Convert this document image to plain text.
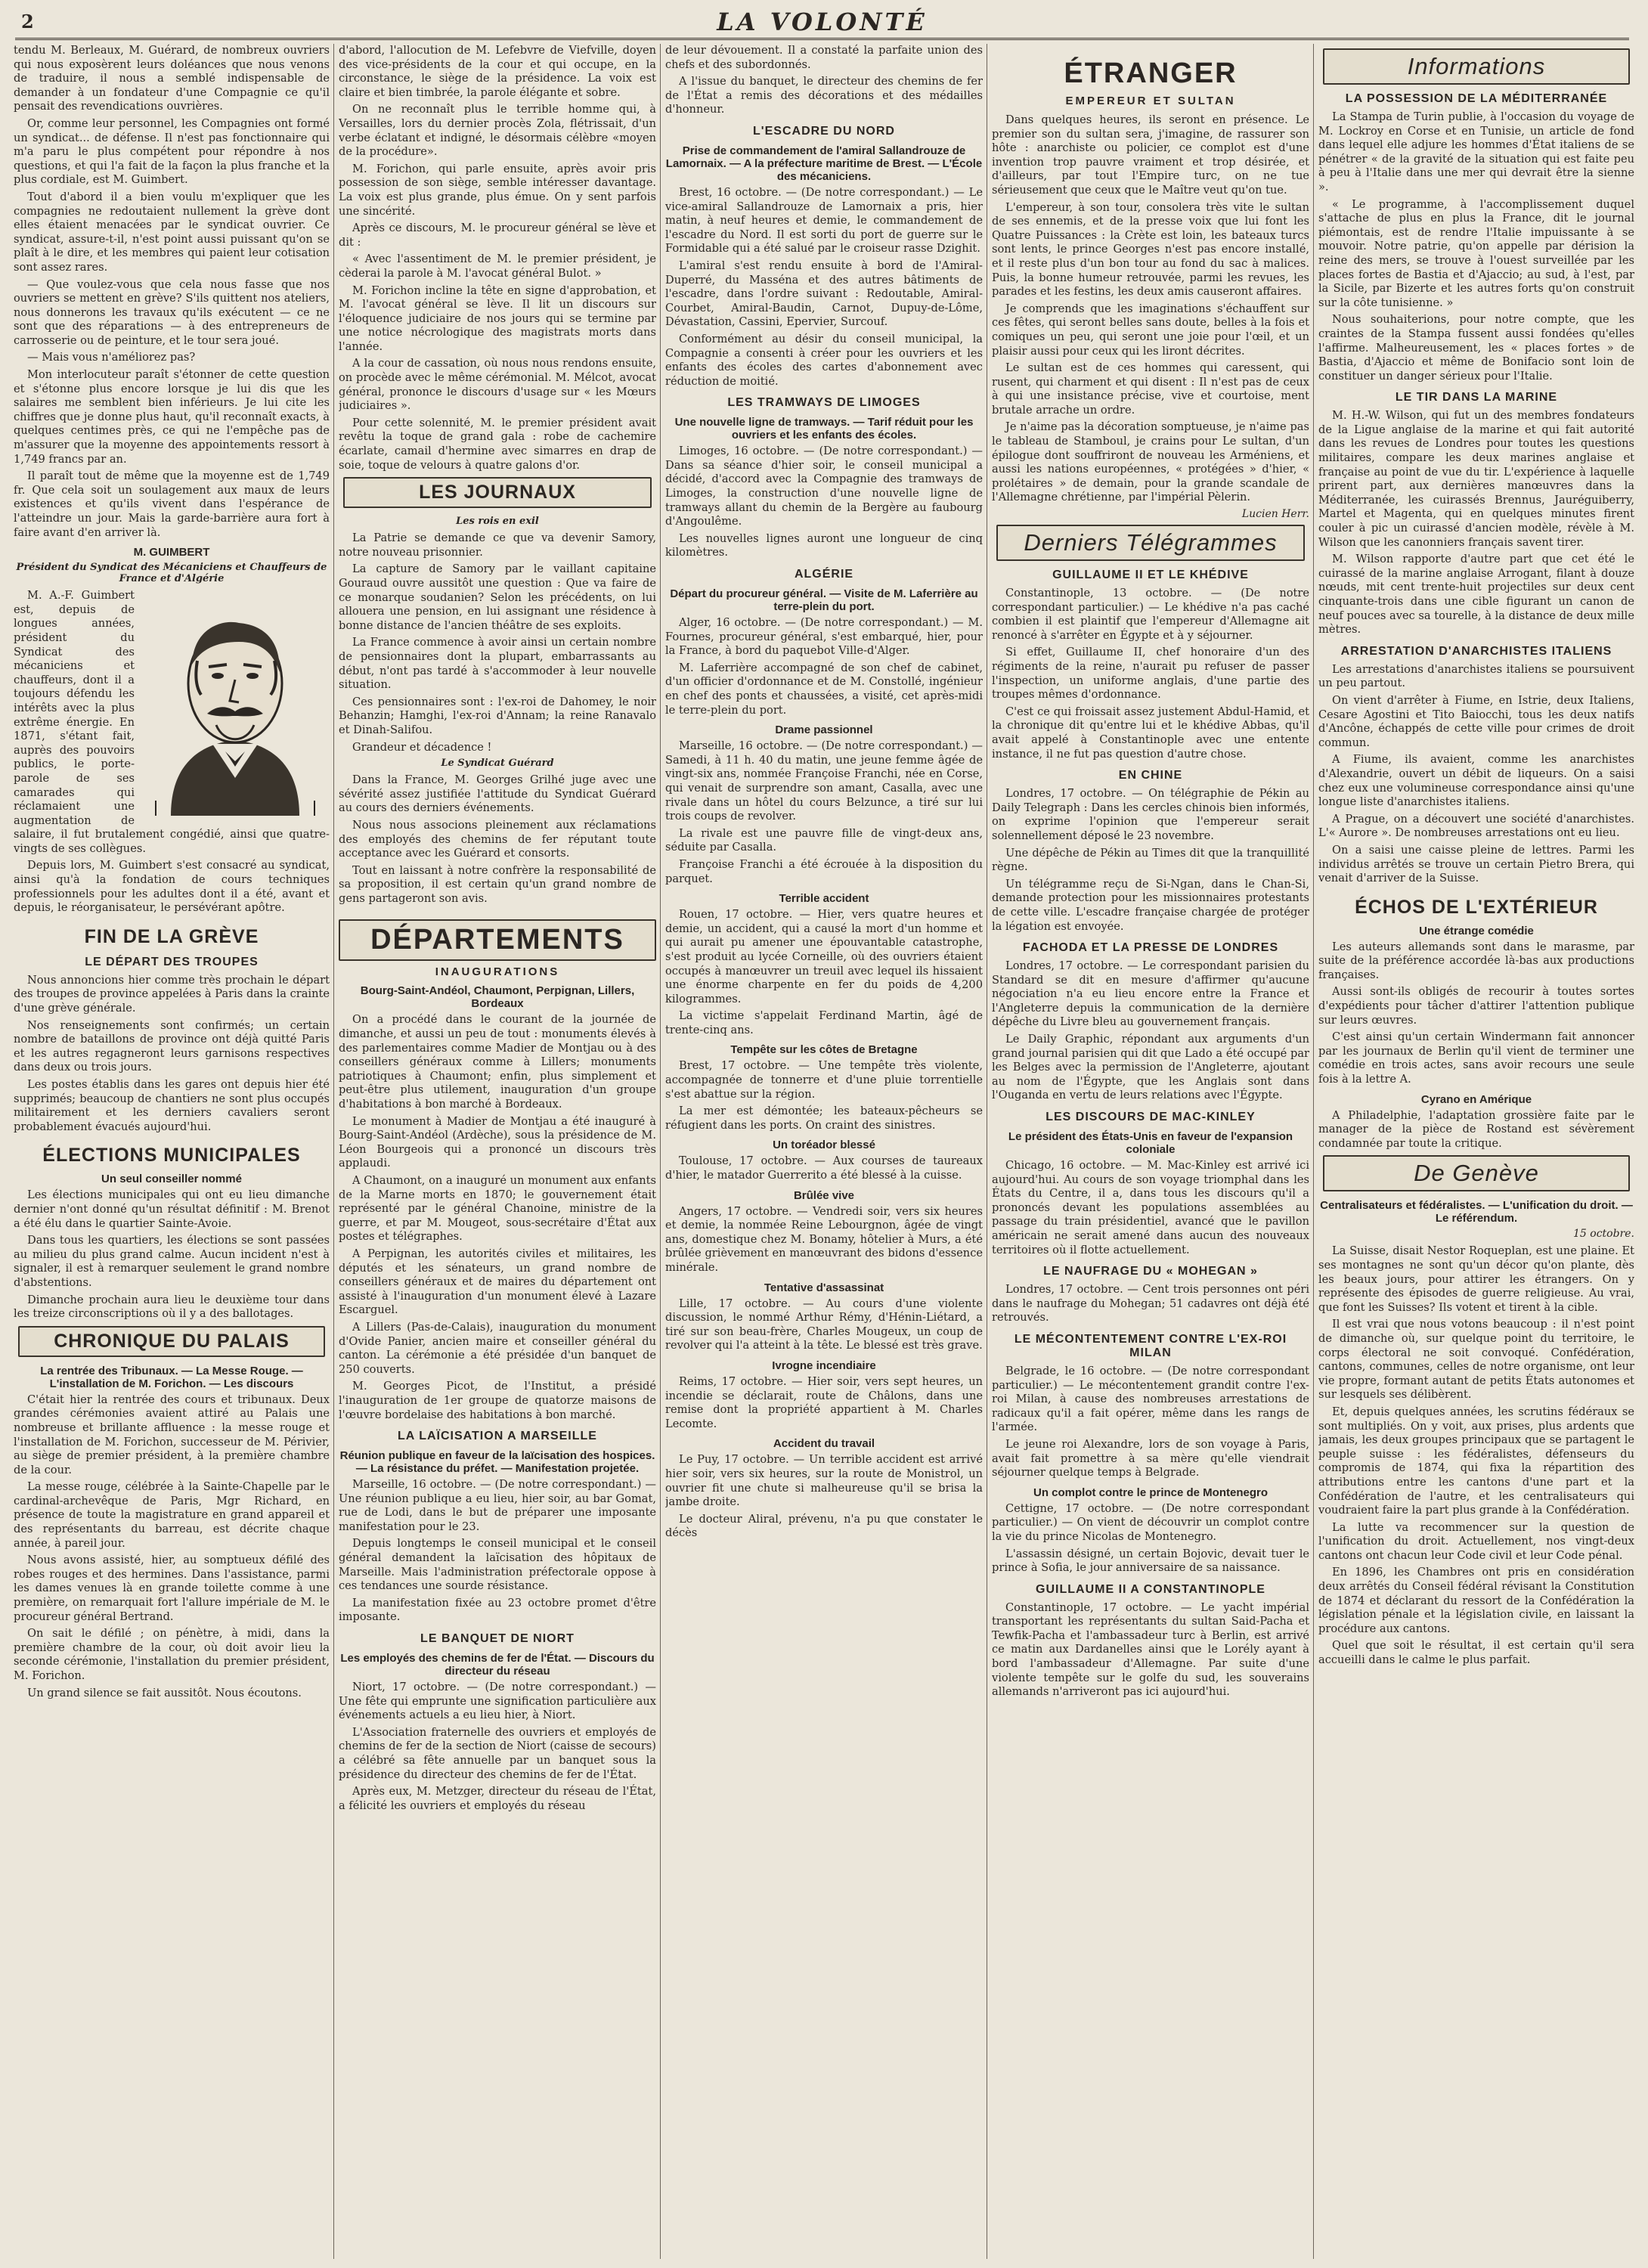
2	LA VOLONTÉ

tendu M. Berleaux, M. Guérard, de nombreux ouvriers qui nous exposèrent leurs doléances que nous venons de traduire, il nous a semblé indispensable de demander à un fondateur d'une Compagnie ce qu'il pensait des revendications ouvrières.

Or, comme leur personnel, les Compagnies ont formé un syndicat... de défense. Il n'est pas fonctionnaire qui m'a paru le plus compétent pour répondre à nos questions, et qui l'a fait de la façon la plus franche et la plus cordiale, est M. Guimbert.

Tout d'abord il a bien voulu m'expliquer que les compagnies ne redoutaient nullement la grève dont elles étaient menacées par le syndicat ouvrier. Ce syndicat, assure-t-il, n'est point aussi puissant qu'on se plaît à le dire, et les membres qui paient leur cotisation sont assez rares.

— Que voulez-vous que cela nous fasse que nos ouvriers se mettent en grève? S'ils quittent nos ateliers, nous donnerons les travaux qu'ils exécutent — ce ne sont que des réparations — à des entrepreneurs de carrosserie ou de peinture, et le tour sera joué.

— Mais vous n'améliorez pas?

Mon interlocuteur paraît s'étonner de cette question et s'étonne plus encore lorsque je lui dis que les salaires me semblent bien inférieurs. Je lui cite les chiffres que je donne plus haut, qu'il reconnaît exacts, à quelques centimes près, ce qui ne l'empêche pas de m'assurer que la moyenne des appointements ressort à 1,749 francs par an.

Il paraît tout de même que la moyenne est de 1,749 fr. Que cela soit un soulagement aux maux de leurs existences et qu'ils vivent dans l'espérance de l'atteindre un jour. Mais la garde-barrière aura fort à faire avant d'en arriver là.

M. GUIMBERT
Président du Syndicat des Mécaniciens et Chauffeurs de France et d'Algérie

M. A.-F. Guimbert est, depuis de longues années, président du Syndicat des mécaniciens et chauffeurs, dont il a toujours défendu les intérêts avec la plus extrême énergie. En 1871, s'étant fait, auprès des pouvoirs publics, le porte-parole de ses camarades qui réclamaient une augmentation de salaire, il fut brutalement congédié, ainsi que quatre-vingts de ses collègues.

Depuis lors, M. Guimbert s'est consacré au syndicat, ainsi qu'à la fondation de cours techniques professionnels pour les adultes dont il a été, avant et depuis, le réorganisateur, le persévérant apôtre.

FIN DE LA GRÈVE
LE DÉPART DES TROUPES

Nous annoncions hier comme très prochain le départ des troupes de province appelées à Paris dans la crainte d'une grève générale.

Nos renseignements sont confirmés; un certain nombre de bataillons de province ont déjà quitté Paris et les autres regagneront leurs garnisons respectives dans deux ou trois jours.

Les postes établis dans les gares ont depuis hier été supprimés; beaucoup de chantiers ne sont plus occupés militairement et les derniers cavaliers seront probablement évacués aujourd'hui.

ÉLECTIONS MUNICIPALES
Un seul conseiller nommé

Les élections municipales qui ont eu lieu dimanche dernier n'ont donné qu'un résultat définitif : M. Brenot a été élu dans le quartier Sainte-Avoie.

Dans tous les quartiers, les élections se sont passées au milieu du plus grand calme. Aucun incident n'est à signaler, il est à remarquer seulement le grand nombre d'abstentions.

Dimanche prochain aura lieu le deuxième tour dans les treize circonscriptions où il y a des ballotages.

CHRONIQUE DU PALAIS
La rentrée des Tribunaux. — La Messe Rouge. — L'installation de M. Forichon. — Les discours

C'était hier la rentrée des cours et tribunaux. Deux grandes cérémonies avaient attiré au Palais une nombreuse et brillante affluence : la messe rouge et l'installation de M. Forichon, successeur de M. Périvier, au siège de premier président, à la première chambre de la cour.

La messe rouge, célébrée à la Sainte-Chapelle par le cardinal-archevêque de Paris, Mgr Richard, en présence de toute la magistrature en grand appareil et des représentants du barreau, est décrite chaque année, à pareil jour.

Nous avons assisté, hier, au somptueux défilé des robes rouges et des hermines. Dans l'assistance, parmi les dames venues là en grande toilette comme à une première, on remarquait fort l'allure impériale de M. le procureur général Bertrand.

On sait le défilé ; on pénètre, à midi, dans la première chambre de la cour, où doit avoir lieu la seconde cérémonie, l'installation du premier président, M. Forichon.

Un grand silence se fait aussitôt. Nous écoutons.

d'abord, l'allocution de M. Lefebvre de Viefville, doyen des vice-présidents de la cour et qui occupe, en la circonstance, le siège de la présidence. La voix est claire et bien timbrée, la parole élégante et sobre.

On ne reconnaît plus le terrible homme qui, à Versailles, lors du dernier procès Zola, flétrissait, d'un verbe éclatant et indigné, le désormais célèbre «moyen de la procédure».

M. Forichon, qui parle ensuite, après avoir pris possession de son siège, semble intéresser davantage. La voix est plus grande, plus émue. On y sent parfois une sincérité.

Après ce discours, M. le procureur général se lève et dit :

« Avec l'assentiment de M. le premier président, je cèderai la parole à M. l'avocat général Bulot. »

M. Forichon incline la tête en signe d'approbation, et M. l'avocat général se lève. Il lit un discours sur l'éloquence judiciaire de nos jours qui se termine par une notice nécrologique des magistrats morts dans l'année.

A la cour de cassation, où nous nous rendons ensuite, on procède avec le même cérémonial. M. Mélcot, avocat général, prononce le discours d'usage sur « les Mœurs judiciaires ».

Pour cette solennité, M. le premier président avait revêtu la toque de grand gala : robe de cachemire écarlate, camail d'hermine avec simarres en drap de soie, toque de velours à quatre galons d'or.

LES JOURNAUX
Les rois en exil

La Patrie se demande ce que va devenir Samory, notre nouveau prisonnier.

La capture de Samory par le vaillant capitaine Gouraud ouvre aussitôt une question : Que va faire de ce monarque soudanien? Selon les précédents, on lui allouera une pension, en lui assignant une résidence à bonne distance de l'ancien théâtre de ses exploits.

La France commence à avoir ainsi un certain nombre de pensionnaires dont la plupart, embarrassants au début, n'ont pas tardé à s'accommoder à leur nouvelle situation.

Ces pensionnaires sont : l'ex-roi de Dahomey, le noir Behanzin; Hamghi, l'ex-roi d'Annam; la reine Ranavalo et Dinah-Salifou.

Grandeur et décadence !

Le Syndicat Guérard

Dans la France, M. Georges Grilhé juge avec une sévérité assez justifiée l'attitude du Syndicat Guérard au cours des derniers événements.

Nous nous associons pleinement aux réclamations des employés des chemins de fer réputant toute acceptance avec les Guérard et consorts.

Tout en laissant à notre confrère la responsabilité de sa proposition, il est certain qu'un grand nombre de gens partageront son avis.

DÉPARTEMENTS
INAUGURATIONS
Bourg-Saint-Andéol, Chaumont, Perpignan, Lillers, Bordeaux

On a procédé dans le courant de la journée de dimanche, et aussi un peu de tout : monuments élevés à des parlementaires comme Madier de Montjau ou à des conseillers généraux comme à Lillers; monuments patriotiques à Chaumont; enfin, plus simplement et peut-être plus utilement, inauguration d'un groupe d'habitations à bon marché à Bordeaux.

Le monument à Madier de Montjau a été inauguré à Bourg-Saint-Andéol (Ardèche), sous la présidence de M. Léon Bourgeois qui a prononcé un discours très applaudi.

A Chaumont, on a inauguré un monument aux enfants de la Marne morts en 1870; le gouvernement était représenté par le général Chanoine, ministre de la guerre, et par M. Mougeot, sous-secrétaire d'État aux postes et télégraphes.

A Perpignan, les autorités civiles et militaires, les députés et les sénateurs, un grand nombre de conseillers généraux et de maires du département ont assisté à l'inauguration d'un monument élevé à Lazare Escarguel.

A Lillers (Pas-de-Calais), inauguration du monument d'Ovide Panier, ancien maire et conseiller général du canton. La cérémonie a été présidée d'un banquet de 250 couverts.

M. Georges Picot, de l'Institut, a présidé l'inauguration de 1er groupe de quatorze maisons de l'œuvre bordelaise des habitations à bon marché.

LA LAÏCISATION A MARSEILLE
Réunion publique en faveur de la laïcisation des hospices. — La résistance du préfet. — Manifestation projetée.

Marseille, 16 octobre. — (De notre correspondant.) — Une réunion publique a eu lieu, hier soir, au bar Gomat, rue de Lodi, dans le but de préparer une imposante manifestation pour le 23.

Depuis longtemps le conseil municipal et le conseil général demandent la laïcisation des hôpitaux de Marseille. Mais l'administration préfectorale oppose à ces tendances une sourde résistance.

La manifestation fixée au 23 octobre promet d'être imposante.

LE BANQUET DE NIORT
Les employés des chemins de fer de l'État. — Discours du directeur du réseau

Niort, 17 octobre. — (De notre correspondant.) — Une fête qui emprunte une signification particulière aux événements actuels a eu lieu hier, à Niort.

L'Association fraternelle des ouvriers et employés de chemins de fer de la section de Niort (caisse de secours) a célébré sa fête annuelle par un banquet sous la présidence du directeur des chemins de fer de l'État.

Après eux, M. Metzger, directeur du réseau de l'État, a félicité les ouvriers et employés du réseau

de leur dévouement. Il a constaté la parfaite union des chefs et des subordonnés.

A l'issue du banquet, le directeur des chemins de fer de l'État a remis des décorations et des médailles d'honneur.

L'ESCADRE DU NORD
Prise de commandement de l'amiral Sallandrouze de Lamornaix. — A la préfecture maritime de Brest. — L'École des mécaniciens.

Brest, 16 octobre. — (De notre correspondant.) — Le vice-amiral Sallandrouze de Lamornaix a pris, hier matin, à neuf heures et demie, le commandement de l'escadre du Nord. Il est sorti du port de guerre sur le Formidable qui a été salué par le croiseur rasse Dzighit.

L'amiral s'est rendu ensuite à bord de l'Amiral-Duperré, du Masséna et des autres bâtiments de l'escadre, dans l'ordre suivant : Redoutable, Amiral-Courbet, Amiral-Baudin, Carnot, Dupuy-de-Lôme, Dévastation, Cassini, Epervier, Surcouf.

Conformément au désir du conseil municipal, la Compagnie a consenti à créer pour les ouvriers et les enfants des écoles des cartes d'abonnement avec réduction de moitié.

LES TRAMWAYS DE LIMOGES
Une nouvelle ligne de tramways. — Tarif réduit pour les ouvriers et les enfants des écoles.

Limoges, 16 octobre. — (De notre correspondant.) — Dans sa séance d'hier soir, le conseil municipal a décidé, d'accord avec la Compagnie des tramways de Limoges, la construction d'une nouvelle ligne de tramways allant du chemin de la Bergère au faubourg d'Angoulême.

Les nouvelles lignes auront une longueur de cinq kilomètres.

ALGÉRIE
Départ du procureur général. — Visite de M. Laferrière au terre-plein du port.

Alger, 16 octobre. — (De notre correspondant.) — M. Fournes, procureur général, s'est embarqué, hier, pour la France, à bord du paquebot Ville-d'Alger.

M. Laferrière accompagné de son chef de cabinet, d'un officier d'ordonnance et de M. Constollé, ingénieur en chef des ponts et chaussées, a visité, cet après-midi le terre-plein du port.

Drame passionnel

Marseille, 16 octobre. — (De notre correspondant.) — Samedi, à 11 h. 40 du matin, une jeune femme âgée de vingt-six ans, nommée Françoise Franchi, née en Corse, qui venait de surprendre son amant, Casalla, avec une rivale dans un hôtel du cours Belzunce, a tiré sur lui trois coups de revolver.

La rivale est une pauvre fille de vingt-deux ans, séduite par Casalla.

Françoise Franchi a été écrouée à la disposition du parquet.

Terrible accident

Rouen, 17 octobre. — Hier, vers quatre heures et demie, un accident, qui a causé la mort d'un homme et qui aurait pu amener une épouvantable catastrophe, s'est produit au lycée Corneille, où des ouvriers étaient occupés à manœuvrer un treuil avec lequel ils hissaient une énorme charpente en fer du poids de 4,200 kilogrammes.

La victime s'appelait Ferdinand Martin, âgé de trente-cinq ans.

Tempête sur les côtes de Bretagne

Brest, 17 octobre. — Une tempête très violente, accompagnée de tonnerre et d'une pluie torrentielle s'est abattue sur la région.

La mer est démontée; les bateaux-pêcheurs se réfugient dans les ports. On craint des sinistres.

Un toréador blessé

Toulouse, 17 octobre. — Aux courses de taureaux d'hier, le matador Guerrerito a été blessé à la cuisse.

Brûlée vive

Angers, 17 octobre. — Vendredi soir, vers six heures et demie, la nommée Reine Lebourgnon, âgée de vingt ans, domestique chez M. Bonamy, hôtelier à Murs, a été brûlée grièvement en manœuvrant des bidons d'essence minérale.

Tentative d'assassinat

Lille, 17 octobre. — Au cours d'une violente discussion, le nommé Arthur Rémy, d'Hénin-Liétard, a tiré sur son beau-frère, Charles Mougeux, un coup de revolver qui l'a atteint à la tête. Le blessé est très grave.

Ivrogne incendiaire

Reims, 17 octobre. — Hier soir, vers sept heures, un incendie se déclarait, route de Châlons, dans une remise dont la propriété appartient à M. Charles Lecomte.

Accident du travail

Le Puy, 17 octobre. — Un terrible accident est arrivé hier soir, vers six heures, sur la route de Monistrol, un ouvrier fit une chute si malheureuse qu'il se brisa la jambe droite.

Le docteur Aliral, prévenu, n'a pu que constater le décès

ÉTRANGER
EMPEREUR ET SULTAN

Dans quelques heures, ils seront en présence. Le premier son du sultan sera, j'imagine, de rassurer son hôte : anarchiste ou policier, ce complot est d'une invention trop pauvre vraiment et trop désirée, et d'ailleurs, par tout l'Empire turc, on ne tue sérieusement que ceux que le Maître veut qu'on tue.

L'empereur, à son tour, consolera très vite le sultan de ses ennemis, et de la presse voix que lui font les Quatre Puissances : la Crète est loin, les bateaux turcs sont lents, le prince Georges n'est pas encore installé, et il reste plus d'un bon tour au fond du sac à malices. Puis, la bonne humeur retrouvée, parmi les revues, les parades et les festins, les deux amis causeront affaires.

Je comprends que les imaginations s'échauffent sur ces fêtes, qui seront belles sans doute, belles à la fois et comiques un peu, qui seront une joie pour l'œil, et un plaisir aussi pour ceux qui les liront décrites.

Le sultan est de ces hommes qui caressent, qui rusent, qui charment et qui disent : Il n'est pas de ceux à qui une insistance précise, vive et courtoise, ment brutale arrache un ordre.

Je n'aime pas la décoration somptueuse, je n'aime pas le tableau de Stamboul, je crains pour Le sultan, d'un épilogue dont souffriront de nouveau les Arméniens, et aussi les nations européennes, « protégées » d'hier, « prolétaires » de demain, pour la grande scandale de l'Allemagne chrétienne, par l'impérial Pèlerin.

Lucien Herr.
Derniers Télégrammes
GUILLAUME II ET LE KHÉDIVE

Constantinople, 13 octobre. — (De notre correspondant particulier.) — Le khédive n'a pas caché combien il est plaintif que l'empereur d'Allemagne ait renoncé à s'arrêter en Égypte et à y séjourner.

Si effet, Guillaume II, chef honoraire d'un des régiments de la reine, n'aurait pu refuser de passer l'inspection, un uniforme anglais, d'une partie des troupes mêmes d'ordonnance.

C'est ce qui froissait assez justement Abdul-Hamid, et la chronique dit qu'entre lui et le khédive Abbas, qu'il avait appelé à Constantinople avec une entente instance, il ne fut pas question d'autre chose.

EN CHINE

Londres, 17 octobre. — On télégraphie de Pékin au Daily Telegraph : Dans les cercles chinois bien informés, on exprime l'opinion que l'empereur serait solennellement déposé le 23 novembre.

Une dépêche de Pékin au Times dit que la tranquillité règne.

Un télégramme reçu de Si-Ngan, dans le Chan-Si, demande protection pour les missionnaires protestants de cette ville. L'escadre française chargée de protéger la légation est envoyée.

FACHODA ET LA PRESSE DE LONDRES

Londres, 17 octobre. — Le correspondant parisien du Standard se dit en mesure d'affirmer qu'aucune négociation n'a eu lieu encore entre la France et l'Angleterre depuis la communication de la dernière dépêche du Livre bleu au gouvernement français.

Le Daily Graphic, répondant aux arguments d'un grand journal parisien qui dit que Lado a été occupé par les Belges avec la permission de l'Angleterre, ajoutant au nom de l'Égypte, que les Anglais sont dans l'Ouganda en vertu de leurs relations avec l'Égypte.

LES DISCOURS DE MAC-KINLEY
Le président des États-Unis en faveur de l'expansion coloniale

Chicago, 16 octobre. — M. Mac-Kinley est arrivé ici aujourd'hui. Au cours de son voyage triomphal dans les États du Centre, il a, dans tous les discours qu'il a prononcés devant les populations assemblées au passage du train présidentiel, avancé que le pavillon américain ne serait amené dans aucun des nouveaux territoires où il flotte actuellement.

LE NAUFRAGE DU « MOHEGAN »

Londres, 17 octobre. — Cent trois personnes ont péri dans le naufrage du Mohegan; 51 cadavres ont déjà été retrouvés.

LE MÉCONTENTEMENT CONTRE L'EX-ROI MILAN

Belgrade, le 16 octobre. — (De notre correspondant particulier.) — Le mécontentement grandit contre l'ex-roi Milan, à cause des nombreuses arrestations de radicaux qu'il a fait opérer, même dans les rangs de l'armée.

Le jeune roi Alexandre, lors de son voyage à Paris, avait fait promettre à sa mère qu'elle viendrait séjourner quelque temps à Belgrade.

Un complot contre le prince de Montenegro

Cettigne, 17 octobre. — (De notre correspondant particulier.) — On vient de découvrir un complot contre la vie du prince Nicolas de Montenegro.

L'assassin désigné, un certain Bojovic, devait tuer le prince à Sofia, le jour anniversaire de sa naissance.

GUILLAUME II A CONSTANTINOPLE

Constantinople, 17 octobre. — Le yacht impérial transportant les représentants du sultan Said-Pacha et Tewfik-Pacha et l'ambassadeur turc à Berlin, est arrivé ce matin aux Dardanelles ainsi que le Lorély ayant à bord l'ambassadeur d'Allemagne. Par suite d'une violente tempête sur le golfe du sud, les souverains allemands n'arriveront pas ici aujourd'hui.

Informations
LA POSSESSION DE LA MÉDITERRANÉE

La Stampa de Turin publie, à l'occasion du voyage de M. Lockroy en Corse et en Tunisie, un article de fond dans lequel elle adjure les hommes d'État italiens de se pénétrer « de la gravité de la situation qui est faite peu à peu à l'Italie dans une mer qui devrait être la sienne ».

« Le programme, à l'accomplissement duquel s'attache de plus en plus la France, dit le journal piémontais, est de rendre l'Italie impuissante à se mouvoir. Notre patrie, qu'on appelle par dérision la reine des mers, se trouve à l'ouest surveillée par les places fortes de Bastia et d'Ajaccio; au sud, à l'est, par la Sicile, par Bizerte et les autres forts qu'on construit sur la côte tunisienne. »

Nous souhaiterions, pour notre compte, que les craintes de la Stampa fussent aussi fondées qu'elles l'affirme. Malheureusement, les « places fortes » de Bastia, d'Ajaccio et même de Bonifacio sont loin de constituer un danger sérieux pour l'Italie.

LE TIR DANS LA MARINE

M. H.-W. Wilson, qui fut un des membres fondateurs de la Ligue anglaise de la marine et qui fait autorité dans les revues de Londres pour toutes les questions militaires, compare les deux marines anglaise et française au point de vue du tir. L'expérience à laquelle prirent part, aux dernières manœuvres dans la Méditerranée, les cuirassés Brennus, Jauréguiberry, Martel et Magenta, qui en quelques minutes firent couler à pic un cuirassé d'ancien modèle, révèle à M. Wilson que les canonniers français savent tirer.

M. Wilson rapporte d'autre part que cet été le cuirassé de la marine anglaise Arrogant, filant à douze nœuds, mit cent trente-huit projectiles sur deux cent cinquante-trois dans une cible figurant un canon de neuf pouces avec sa tourelle, à la distance de deux mille mètres.

ARRESTATION D'ANARCHISTES ITALIENS

Les arrestations d'anarchistes italiens se poursuivent un peu partout.

On vient d'arrêter à Fiume, en Istrie, deux Italiens, Cesare Agostini et Tito Baiocchi, tous les deux natifs d'Ancône, échappés de cette ville pour crimes de droit commun.

A Fiume, ils avaient, comme les anarchistes d'Alexandrie, ouvert un débit de liqueurs. On a saisi chez eux une volumineuse correspondance ainsi qu'une longue liste d'anarchistes italiens.

A Prague, on a découvert une société d'anarchistes. L'« Aurore ». De nombreuses arrestations ont eu lieu.

On a saisi une caisse pleine de lettres. Parmi les individus arrêtés se trouve un certain Pietro Brera, qui venait d'arriver de la Suisse.

ÉCHOS DE L'EXTÉRIEUR
Une étrange comédie

Les auteurs allemands sont dans le marasme, par suite de la préférence accordée là-bas aux productions françaises.

Aussi sont-ils obligés de recourir à toutes sortes d'expédients pour tâcher d'attirer l'attention publique sur leurs œuvres.

C'est ainsi qu'un certain Windermann fait annoncer par les journaux de Berlin qu'il vient de terminer une comédie en trois actes, sans avoir recours une seule fois à la lettre A.

Cyrano en Amérique

A Philadelphie, l'adaptation grossière faite par le manager de la pièce de Rostand est sévèrement condamnée par toute la critique.

De Genève
Centralisateurs et fédéralistes. — L'unification du droit. — Le référendum.
15 octobre.

La Suisse, disait Nestor Roqueplan, est une plaine. Et ses montagnes ne sont qu'un décor qu'on plante, dès les beaux jours, pour attirer les étrangers. On y représente des épisodes de guerre religieuse. Au vrai, que font les Suisses? Ils votent et tirent à la cible.

Il est vrai que nous votons beaucoup : il n'est point de dimanche où, sur quelque point du territoire, le corps électoral ne soit convoqué. Confédération, cantons, communes, celles de notre organisme, ont leur vie propre, formant autant de petits États autonomes et sur lesquels ses délibèrent.

Et, depuis quelques années, les scrutins fédéraux se sont multipliés. On y voit, aux prises, plus ardents que jamais, les deux groupes principaux que se partagent le peuple suisse : les fédéralistes, défenseurs du compromis de 1874, qui fixa la répartition des attributions entre les cantons d'une part et la Confédération de l'autre, et les centralisateurs qui voudraient faire la part plus grande à la Confédération.

La lutte va recommencer sur la question de l'unification du droit. Actuellement, nos vingt-deux cantons ont chacun leur Code civil et leur Code pénal.

En 1896, les Chambres ont pris en considération deux arrêtés du Conseil fédéral révisant la Constitution de 1874 et déclarant du ressort de la Confédération la législation pénale et la législation civile, en laissant la procédure aux cantons.

Quel que soit le résultat, il est certain qu'il sera accueilli dans le calme le plus parfait.
